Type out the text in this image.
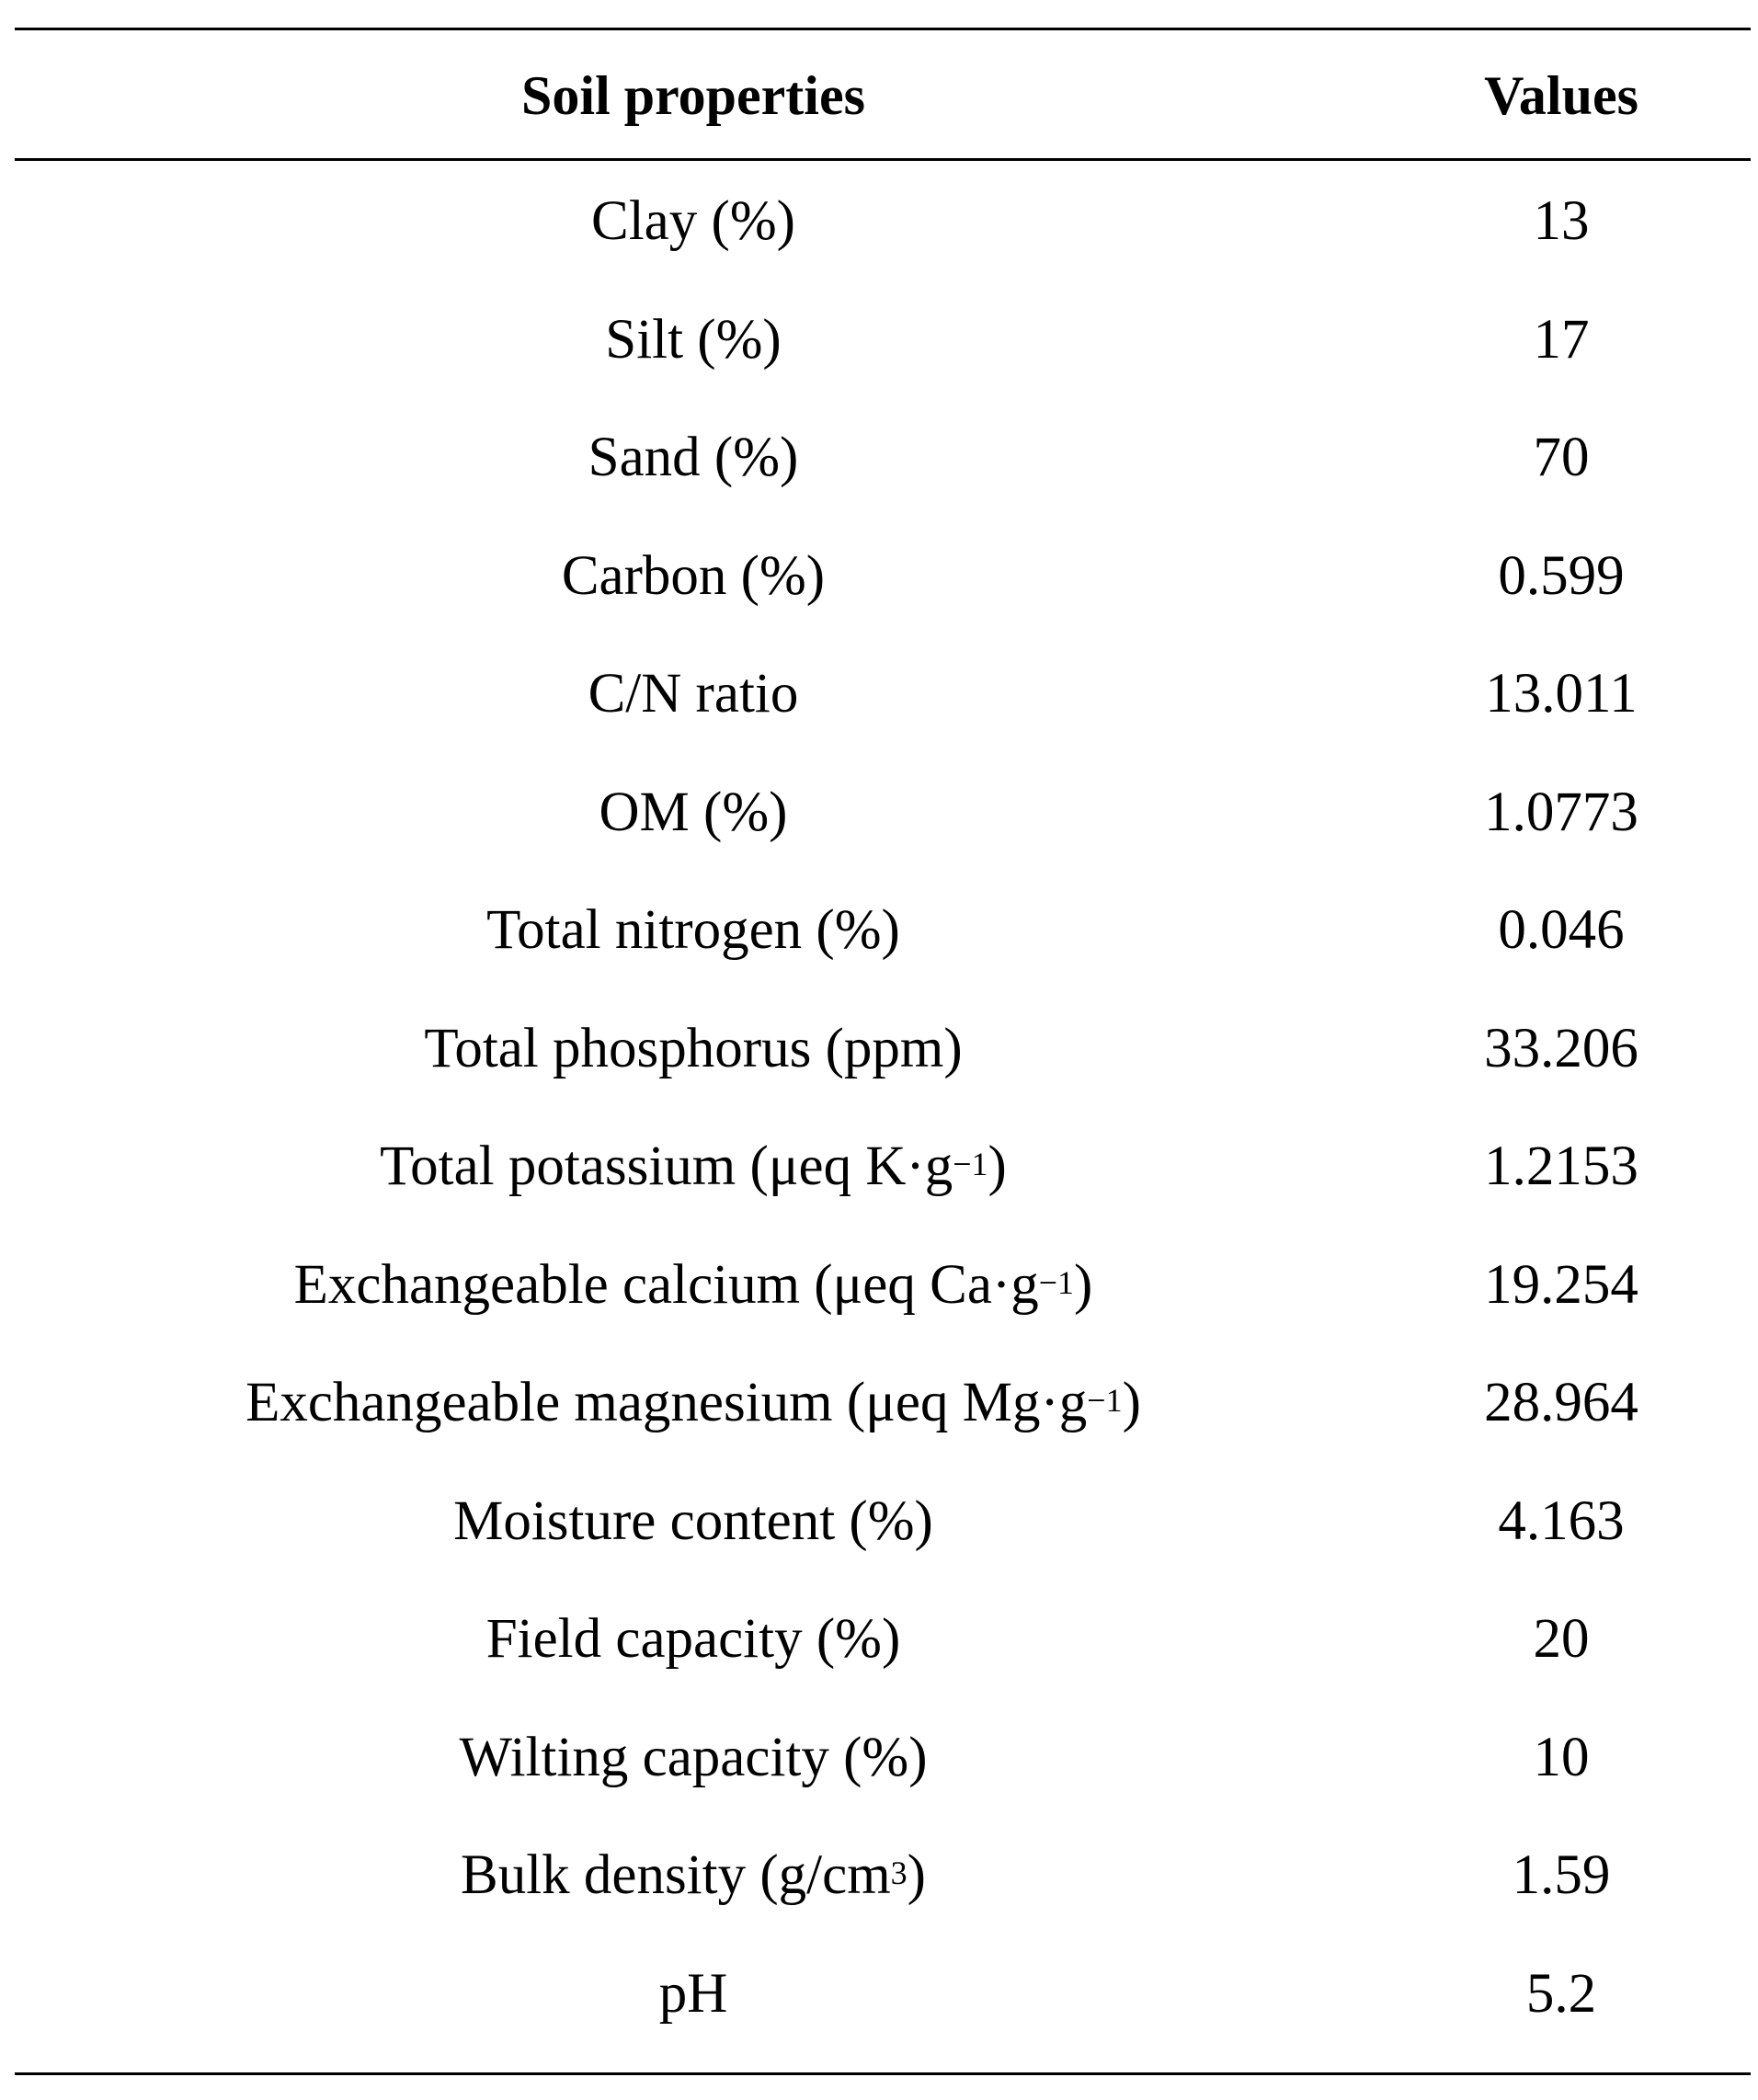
Soil properties	Values
Clay (%)	13
Silt (%)	17
Sand (%)	70
Carbon (%)	0.599
C/N ratio	13.011
OM (%)	1.0773
Total nitrogen (%)	0.046
Total phosphorus (ppm)	33.206
Total potassium (μeq $K\cdot g^{-1}$)	1.2153
Exchangeable calcium (μeq $Ca\cdot g^{-1}$)	19.254
Exchangeable magnesium (μeq $Mg\cdot g^{-1}$)	28.964
Moisture content (%)	4.163
Field capacity (%)	20
Wilting capacity (%)	10
Bulk density $(g/cm^3)$	1.59
pH	5.2
